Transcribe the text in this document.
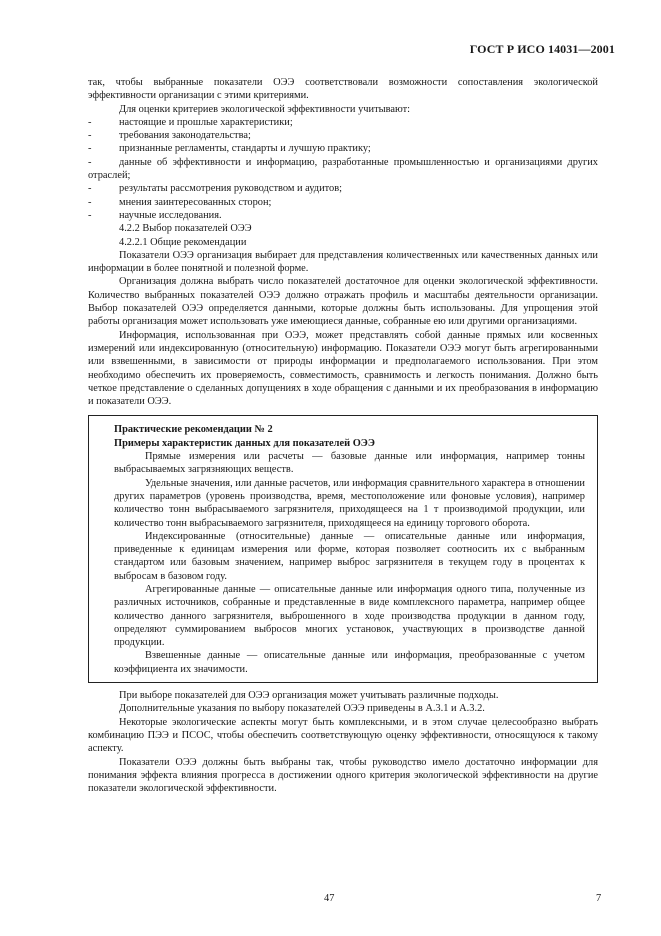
ГОСТ Р ИСО 14031—2001

так, чтобы выбранные показатели ОЭЭ соответствовали возможности сопоставления экологической эффективности организации с этими критериями.

Для оценки критериев экологической эффективности учитывают:

-	настоящие и прошлые характеристики;

-	требования законодательства;

-	признанные регламенты, стандарты и лучшую практику;

-	данные об эффективности и информацию, разработанные промышленностью и организациями других отраслей;

-	результаты рассмотрения руководством и аудитов;

-	мнения заинтересованных сторон;

-	научные исследования.

4.2.2 Выбор показателей ОЭЭ

4.2.2.1 Общие рекомендации

Показатели ОЭЭ организация выбирает для представления количественных или качественных данных или информации в более понятной и полезной форме.

Организация должна выбрать число показателей достаточное для оценки экологической эффективности. Количество выбранных показателей ОЭЭ должно отражать профиль и масштабы деятельности организации. Выбор показателей ОЭЭ определяется данными, которые должны быть использованы. Для упрощения этой работы организация может использовать уже имеющиеся данные, собранные ею или другими организациями.

Информация, использованная при ОЭЭ, может представлять собой данные прямых или косвенных измерений или индексированную (относительную) информацию. Показатели ОЭЭ могут быть агрегированными или взвешенными, в зависимости от природы информации и предполагаемого использования. При этом необходимо обеспечить их проверяемость, совместимость, сравнимость и легкость понимания. Должно быть четкое представление о сделанных допущениях в ходе обращения с данными и их преобразования в информацию и показатели ОЭЭ.

Практические рекомендации № 2

Примеры характеристик данных для показателей ОЭЭ

Прямые измерения или расчеты — базовые данные или информация, например тонны выбрасываемых загрязняющих веществ.

Удельные значения, или данные расчетов, или информация сравнительного характера в отношении других параметров (уровень производства, время, местоположение или фоновые условия), например количество тонн выбрасываемого загрязнителя, приходящееся на 1 т производимой продукции, или количество тонн выбрасываемого загрязнителя, приходящееся на единицу торгового оборота.

Индексированные (относительные) данные — описательные данные или информация, приведенные к единицам измерения или форме, которая позволяет соотносить их с выбранным стандартом или базовым значением, например выброс загрязнителя в текущем году в процентах к выбросам в базовом году.

Агрегированные данные — описательные данные или информация одного типа, полученные из различных источников, собранные и представленные в виде комплексного параметра, например общее количество данного загрязнителя, выброшенного в ходе производства продукции в данном году, определяют суммированием выбросов многих установок, участвующих в производстве данной продукции.

Взвешенные данные — описательные данные или информация, преобразованные с учетом коэффициента их значимости.

При выборе показателей для ОЭЭ организация может учитывать различные подходы.

Дополнительные указания по выбору показателей ОЭЭ приведены в А.3.1 и А.3.2.

Некоторые экологические аспекты могут быть комплексными, и в этом случае целесообразно выбрать комбинацию ПЭЭ и ПСОС, чтобы обеспечить соответствующую оценку эффективности, относящуюся к такому аспекту.

Показатели ОЭЭ должны быть выбраны так, чтобы руководство имело достаточно информации для понимания эффекта влияния прогресса в достижении одного критерия экологической эффективности на другие показатели экологической эффективности.

47	7
